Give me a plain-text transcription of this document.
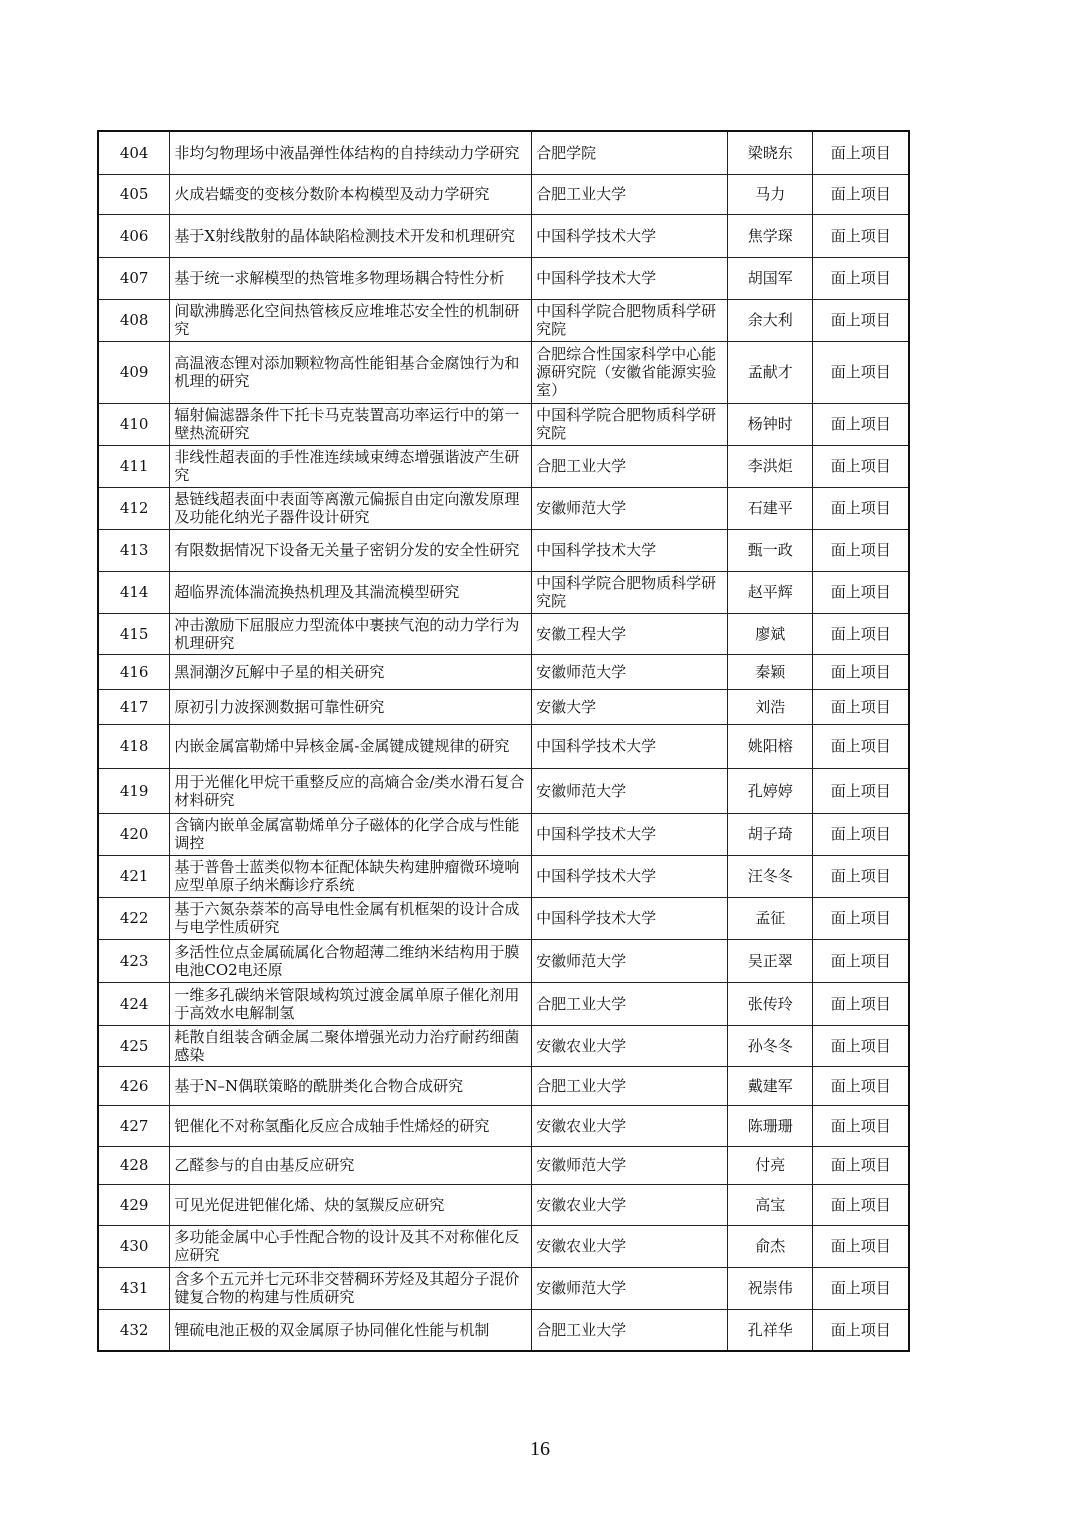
404	非均匀物理场中液晶弹性体结构的自持续动力学研究	合肥学院	梁晓东	面上项目
405	火成岩蠕变的变核分数阶本构模型及动力学研究	合肥工业大学	马力	面上项目
406	基于X射线散射的晶体缺陷检测技术开发和机理研究	中国科学技术大学	焦学琛	面上项目
407	基于统一求解模型的热管堆多物理场耦合特性分析	中国科学技术大学	胡国军	面上项目
408	间歇沸腾恶化空间热管核反应堆堆芯安全性的机制研究	中国科学院合肥物质科学研究院	余大利	面上项目
409	高温液态锂对添加颗粒物高性能钼基合金腐蚀行为和机理的研究	合肥综合性国家科学中心能源研究院（安徽省能源实验室）	孟献才	面上项目
410	辐射偏滤器条件下托卡马克装置高功率运行中的第一壁热流研究	中国科学院合肥物质科学研究院	杨钟时	面上项目
411	非线性超表面的手性准连续域束缚态增强谐波产生研究	合肥工业大学	李洪炬	面上项目
412	悬链线超表面中表面等离激元偏振自由定向激发原理及功能化纳光子器件设计研究	安徽师范大学	石建平	面上项目
413	有限数据情况下设备无关量子密钥分发的安全性研究	中国科学技术大学	甄一政	面上项目
414	超临界流体湍流换热机理及其湍流模型研究	中国科学院合肥物质科学研究院	赵平辉	面上项目
415	冲击激励下屈服应力型流体中裹挟气泡的动力学行为机理研究	安徽工程大学	廖斌	面上项目
416	黑洞潮汐瓦解中子星的相关研究	安徽师范大学	秦颖	面上项目
417	原初引力波探测数据可靠性研究	安徽大学	刘浩	面上项目
418	内嵌金属富勒烯中异核金属-金属键成键规律的研究	中国科学技术大学	姚阳榕	面上项目
419	用于光催化甲烷干重整反应的高熵合金/类水滑石复合材料研究	安徽师范大学	孔婷婷	面上项目
420	含镝内嵌单金属富勒烯单分子磁体的化学合成与性能调控	中国科学技术大学	胡子琦	面上项目
421	基于普鲁士蓝类似物本征配体缺失构建肿瘤微环境响应型单原子纳米酶诊疗系统	中国科学技术大学	汪冬冬	面上项目
422	基于六氮杂萘苯的高导电性金属有机框架的设计合成与电学性质研究	中国科学技术大学	孟征	面上项目
423	多活性位点金属硫属化合物超薄二维纳米结构用于膜电池CO2电还原	安徽师范大学	吴正翠	面上项目
424	一维多孔碳纳米管限域构筑过渡金属单原子催化剂用于高效水电解制氢	合肥工业大学	张传玲	面上项目
425	耗散自组装含硒金属二聚体增强光动力治疗耐药细菌感染	安徽农业大学	孙冬冬	面上项目
426	基于N–N偶联策略的酰肼类化合物合成研究	合肥工业大学	戴建军	面上项目
427	钯催化不对称氢酯化反应合成轴手性烯烃的研究	安徽农业大学	陈珊珊	面上项目
428	乙醛参与的自由基反应研究	安徽师范大学	付亮	面上项目
429	可见光促进钯催化烯、炔的氢羰反应研究	安徽农业大学	高宝	面上项目
430	多功能金属中心手性配合物的设计及其不对称催化反应研究	安徽农业大学	俞杰	面上项目
431	含多个五元并七元环非交替稠环芳烃及其超分子混价键复合物的构建与性质研究	安徽师范大学	祝崇伟	面上项目
432	锂硫电池正极的双金属原子协同催化性能与机制	合肥工业大学	孔祥华	面上项目
16
